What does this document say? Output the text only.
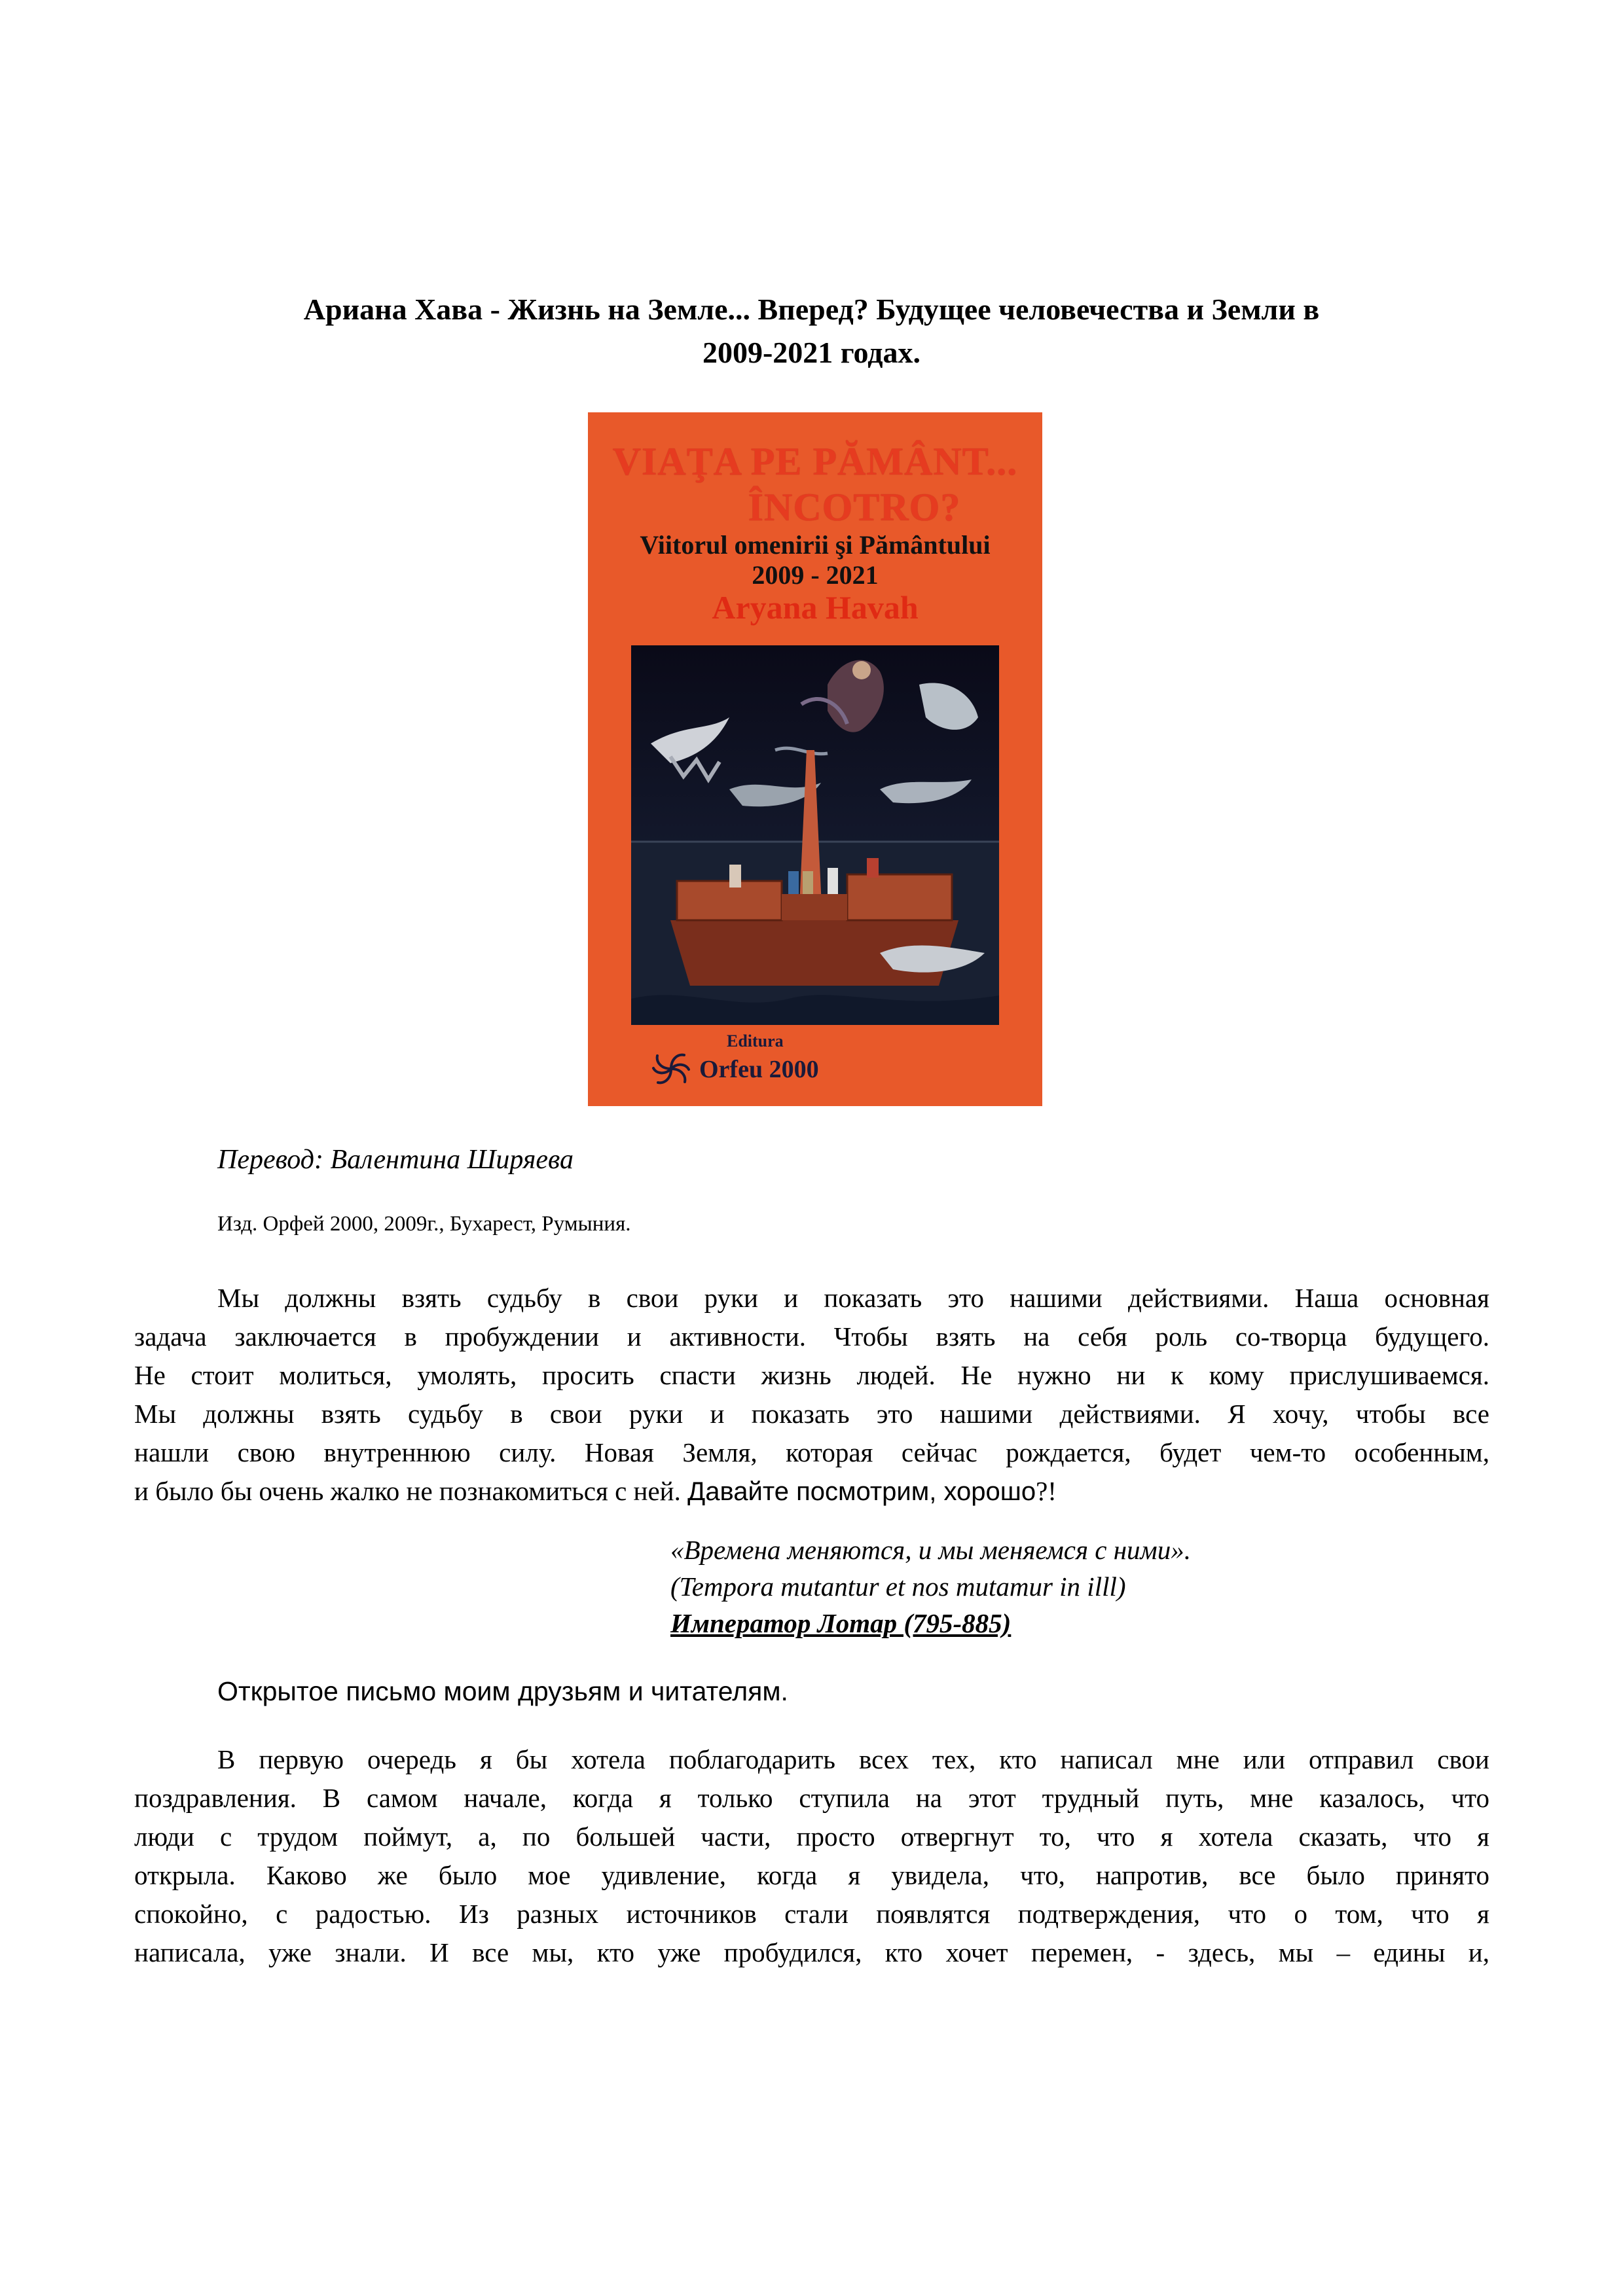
Ариана Хава - Жизнь на Земле... Вперед? Будущее человечества и Земли в
2009-2021 годах.
VIAŢA PE PĂMÂNT...
ÎNCOTRO?
Viitorul omenirii şi Pământului
2009 - 2021
Aryana Havah
Editura
Orfeu 2000
Перевод: Валентина Ширяева
Изд. Орфей 2000, 2009г., Бухарест, Румыния.
Мы должны взять судьбу в свои руки и показать это нашими действиями. Наша основная
задача заключается в пробуждении и активности. Чтобы взять на себя роль со-творца будущего.
Не стоит молиться, умолять, просить спасти жизнь людей. Не нужно ни к кому прислушиваемся.
Мы должны взять судьбу в свои руки и показать это нашими действиями. Я хочу, чтобы все
нашли свою внутреннюю силу. Новая Земля, которая сейчас рождается, будет чем-то особенным,
и было бы очень жалко не познакомиться с ней. Давайте посмотрим, хорошо?!
«Времена меняются, и мы меняемся с ними».
(Tempora mutantur et nos mutamur in illl)
Император Лотар (795-885)
Открытое письмо моим друзьям и читателям.
В первую очередь я бы хотела поблагодарить всех тех, кто написал мне или отправил свои
поздравления. В самом начале, когда я только ступила на этот трудный путь, мне казалось, что
люди с трудом поймут, а, по большей части, просто отвергнут то, что я хотела сказать, что я
открыла. Каково же было мое удивление, когда я увидела, что, напротив, все было принято
спокойно, с радостью. Из разных источников стали появлятся подтверждения, что о том, что я
написала, уже знали. И все мы, кто уже пробудился, кто хочет перемен, - здесь, мы – едины и,
